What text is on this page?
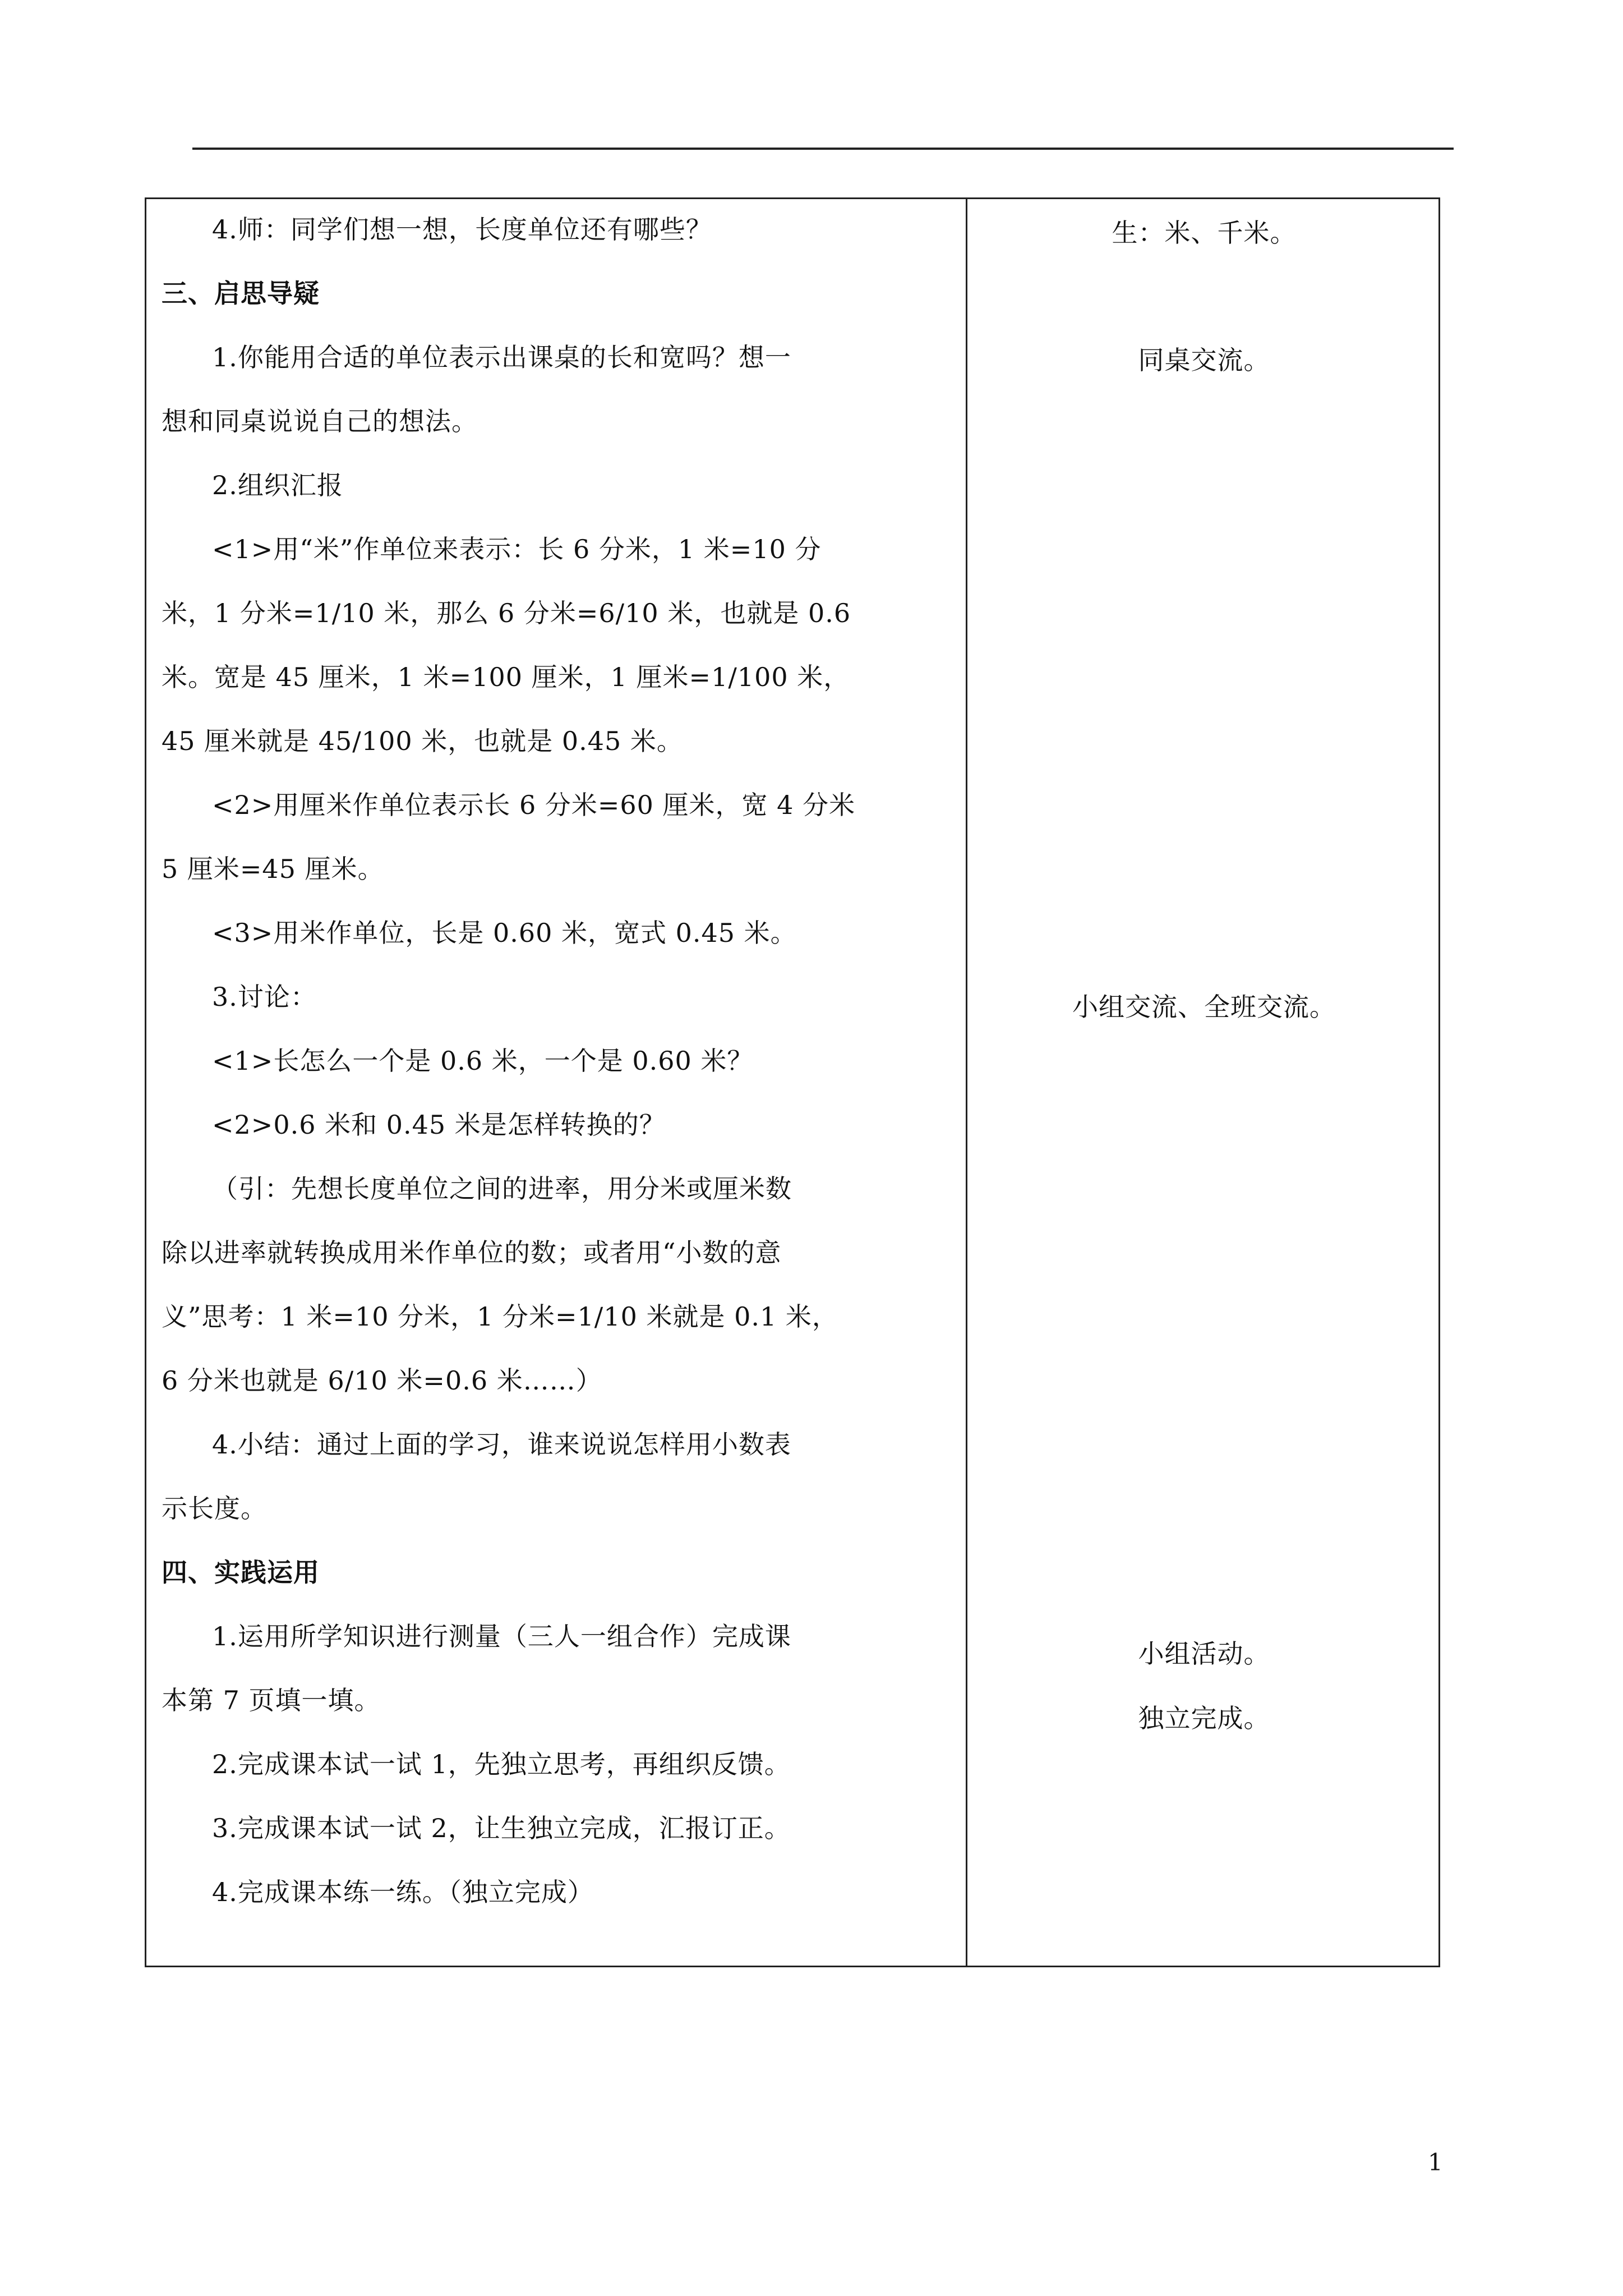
4.师：同学们想一想，长度单位还有哪些？

三、启思导疑

1.你能用合适的单位表示出课桌的长和宽吗？想一

想和同桌说说自己的想法。

2.组织汇报

<1>用“米”作单位来表示：长 6 分米，1 米=10 分

米，1 分米=1/10 米，那么 6 分米=6/10 米，也就是 0.6

米。宽是 45 厘米，1 米=100 厘米，1 厘米=1/100 米，

45 厘米就是 45/100 米，也就是 0.45 米。

<2>用厘米作单位表示长 6 分米=60 厘米，宽 4 分米

5 厘米=45 厘米。

<3>用米作单位，长是 0.60 米，宽式 0.45 米。

3.讨论：

<1>长怎么一个是 0.6 米，一个是 0.60 米？

<2>0.6 米和 0.45 米是怎样转换的？

（引：先想长度单位之间的进率，用分米或厘米数

除以进率就转换成用米作单位的数；或者用“小数的意

义”思考：1 米=10 分米，1 分米=1/10 米就是 0.1 米，

6 分米也就是 6/10 米=0.6 米……）

4.小结：通过上面的学习，谁来说说怎样用小数表

示长度。

四、实践运用

1.运用所学知识进行测量（三人一组合作）完成课

本第 7 页填一填。

2.完成课本试一试 1，先独立思考，再组织反馈。

3.完成课本试一试 2，让生独立完成，汇报订正。

4.完成课本练一练。（独立完成）

生：米、千米。
同桌交流。
小组交流、全班交流。
小组活动。
独立完成。
1
